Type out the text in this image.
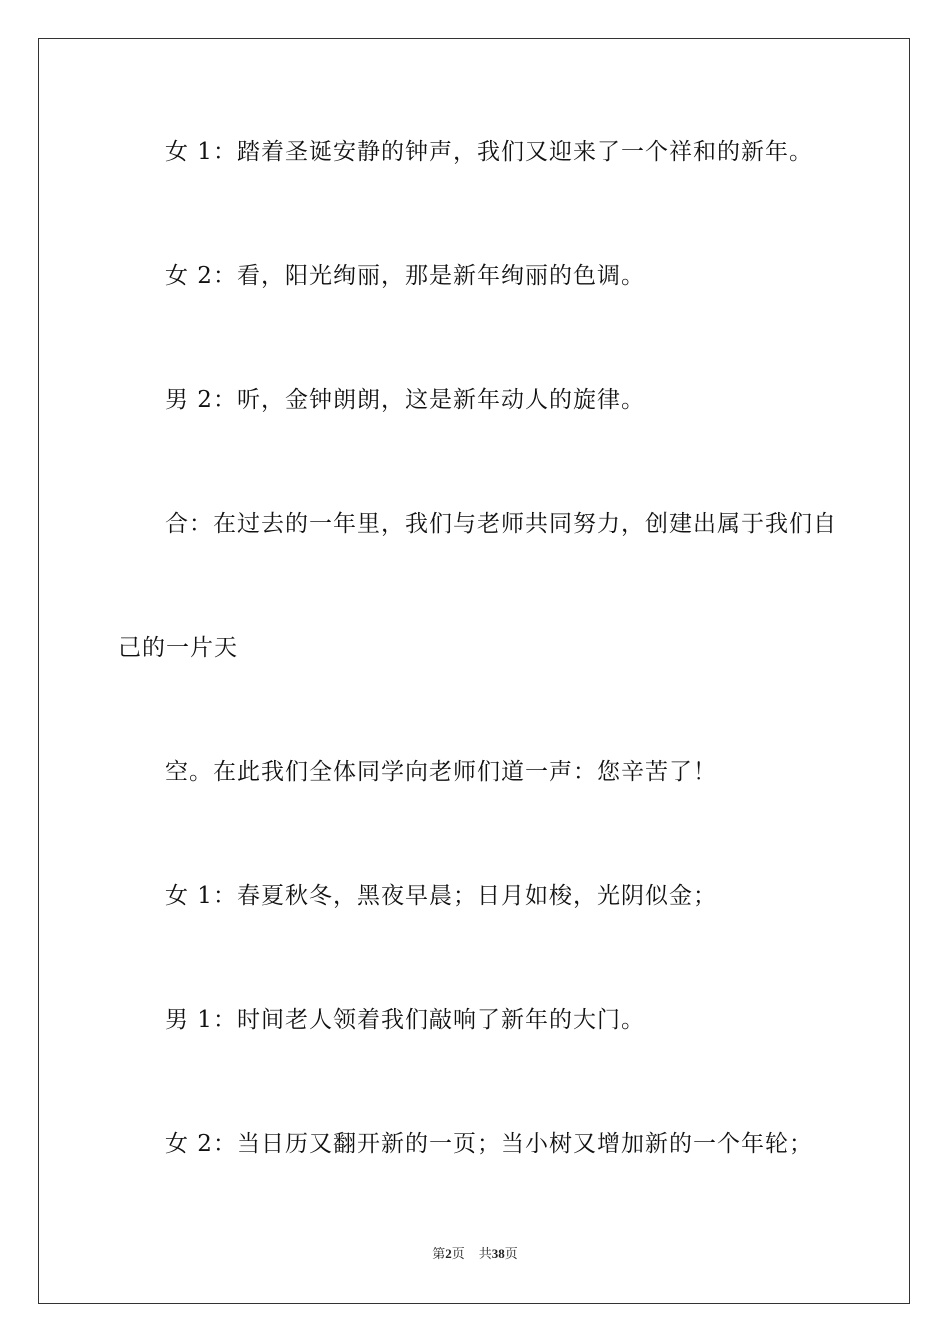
女 1：踏着圣诞安静的钟声，我们又迎来了一个祥和的新年。
女 2：看，阳光绚丽，那是新年绚丽的色调。
男 2：听，金钟朗朗，这是新年动人的旋律。
合：在过去的一年里，我们与老师共同努力，创建出属于我们自
己的一片天
空。在此我们全体同学向老师们道一声：您辛苦了！
女 1：春夏秋冬，黑夜早晨；日月如梭，光阴似金；
男 1：时间老人领着我们敲响了新年的大门。
女 2：当日历又翻开新的一页；当小树又增加新的一个年轮；
第2页 共38页
